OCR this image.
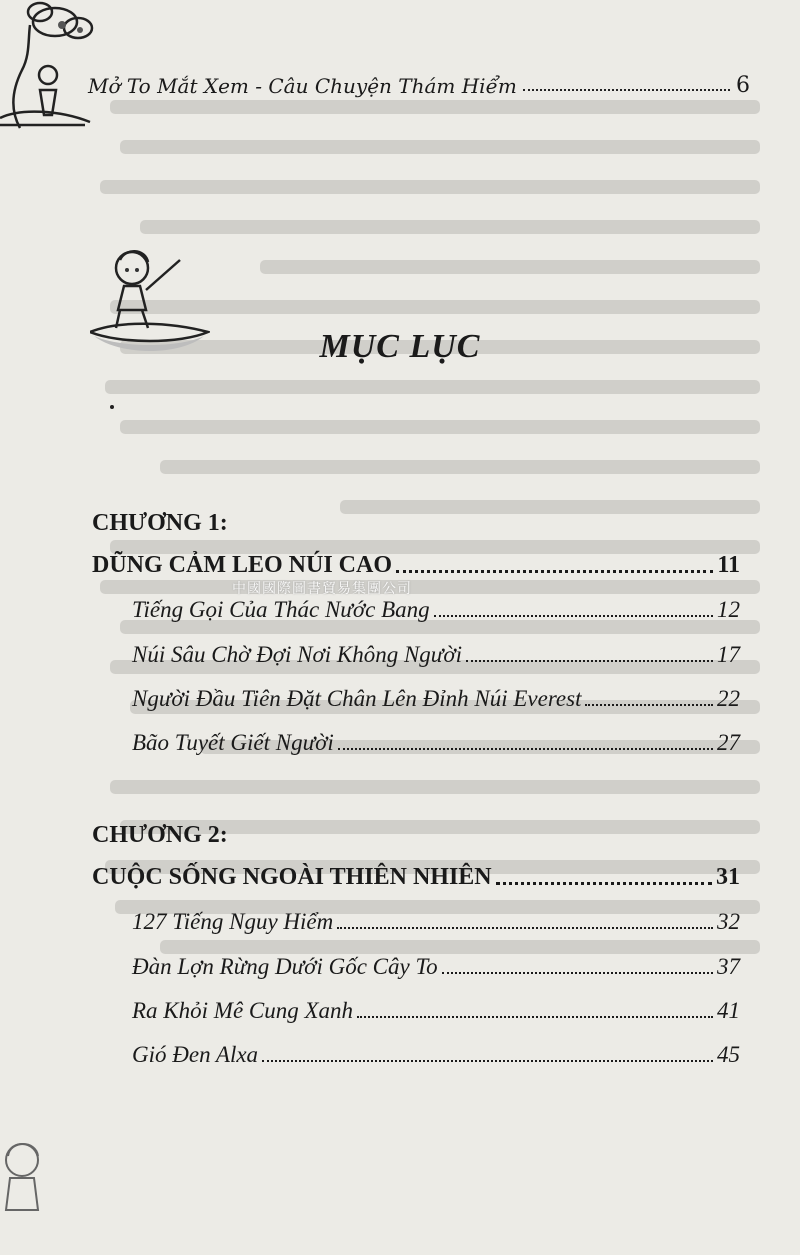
Mở To Mắt Xem - Câu Chuyện Thám Hiểm	6
MỤC LỤC
CHƯƠNG 1:
DŨNG CẢM LEO NÚI CAO	11
Tiếng Gọi Của Thác Nước Bang	12
Núi Sâu Chờ Đợi Nơi Không Người	17
Người Đầu Tiên Đặt Chân Lên Đỉnh Núi Everest	22
Bão Tuyết Giết Người	27
CHƯƠNG 2:
CUỘC SỐNG NGOÀI THIÊN NHIÊN	31
127 Tiếng Nguy Hiểm	32
Đàn Lợn Rừng Dưới Gốc Cây To	37
Ra Khỏi Mê Cung Xanh	41
Gió Đen Alxa	45
中國國際圖書貿易集團公司
